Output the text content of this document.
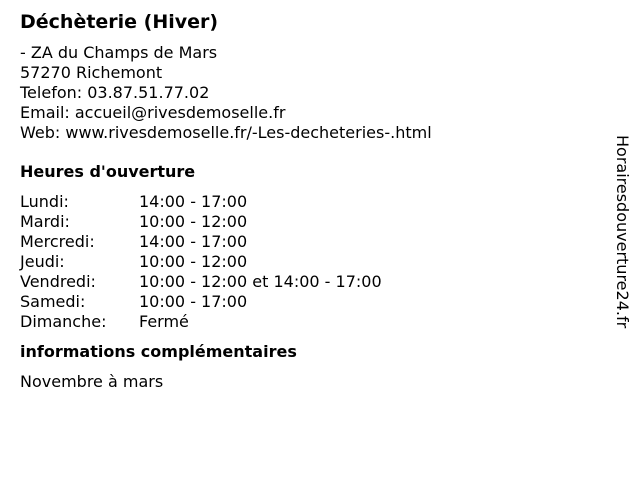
Déchèterie (Hiver)
- ZA du Champs de Mars
57270 Richemont
Telefon: 03.87.51.77.02
Email: accueil@rivesdemoselle.fr
Web: www.rivesdemoselle.fr/-Les-decheteries-.html
Heures d'ouverture
Lundi:	14:00 - 17:00
Mardi:	10:00 - 12:00
Mercredi:	14:00 - 17:00
Jeudi:	10:00 - 12:00
Vendredi:	10:00 - 12:00 et 14:00 - 17:00
Samedi:	10:00 - 17:00
Dimanche:	Fermé
informations complémentaires
Novembre à mars
Horairesdouverture24.fr
